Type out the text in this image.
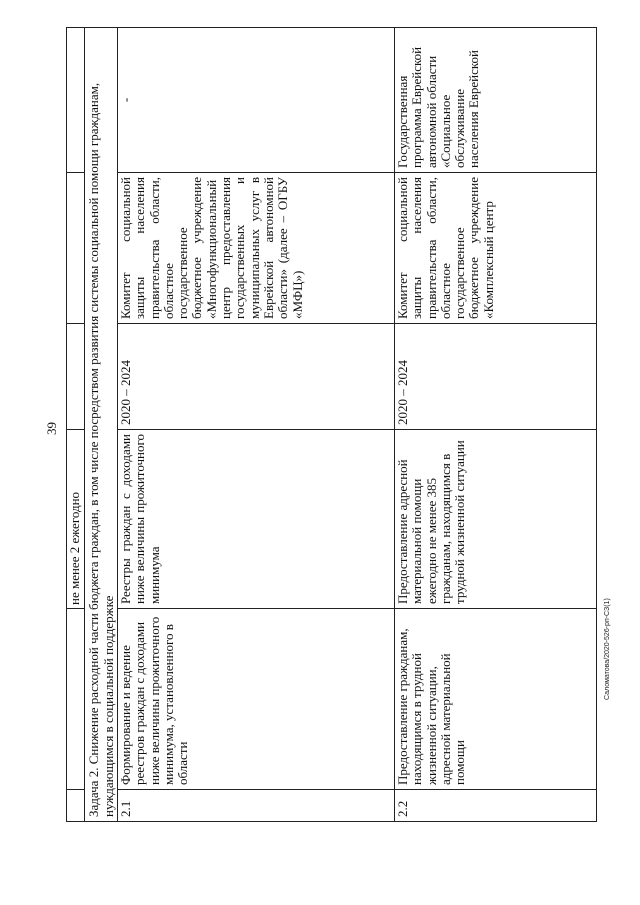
39
Саломатова/2020-526-рп-СЗ(1)
не менее 2 ежегодно Задача 2. Снижение расходной части бюджета граждан, в том числе посредством развития системы социальной помощи гражданам, нуждающимся в социальной поддержке 2.1
Формирование и ведение реестров граждан с доходами ниже величины прожиточного минимума, установленного в области
Реестры граждан с доходами ниже величины прожиточного минимума
2020 – 2024
Комитет социальной защиты населения правительства области, областное государственное бюджетное учреждение «Многофункциональный центр предоставления государственных и муниципальных услуг в Еврейской автономной области» (далее – ОГБУ «МФЦ»)
-
2.2
Предоставление гражданам, находящимся в трудной жизненной ситуации, адресной материальной помощи
Предоставление адресной материальной помощи ежегодно не менее 385 гражданам, находящимся в трудной жизненной ситуации
2020 – 2024
Комитет социальной защиты населения правительства области, областное государственное бюджетное учреждение «Комплексный центр
Государственная программа Еврейской автономной области «Социальное обслуживание населения Еврейской
